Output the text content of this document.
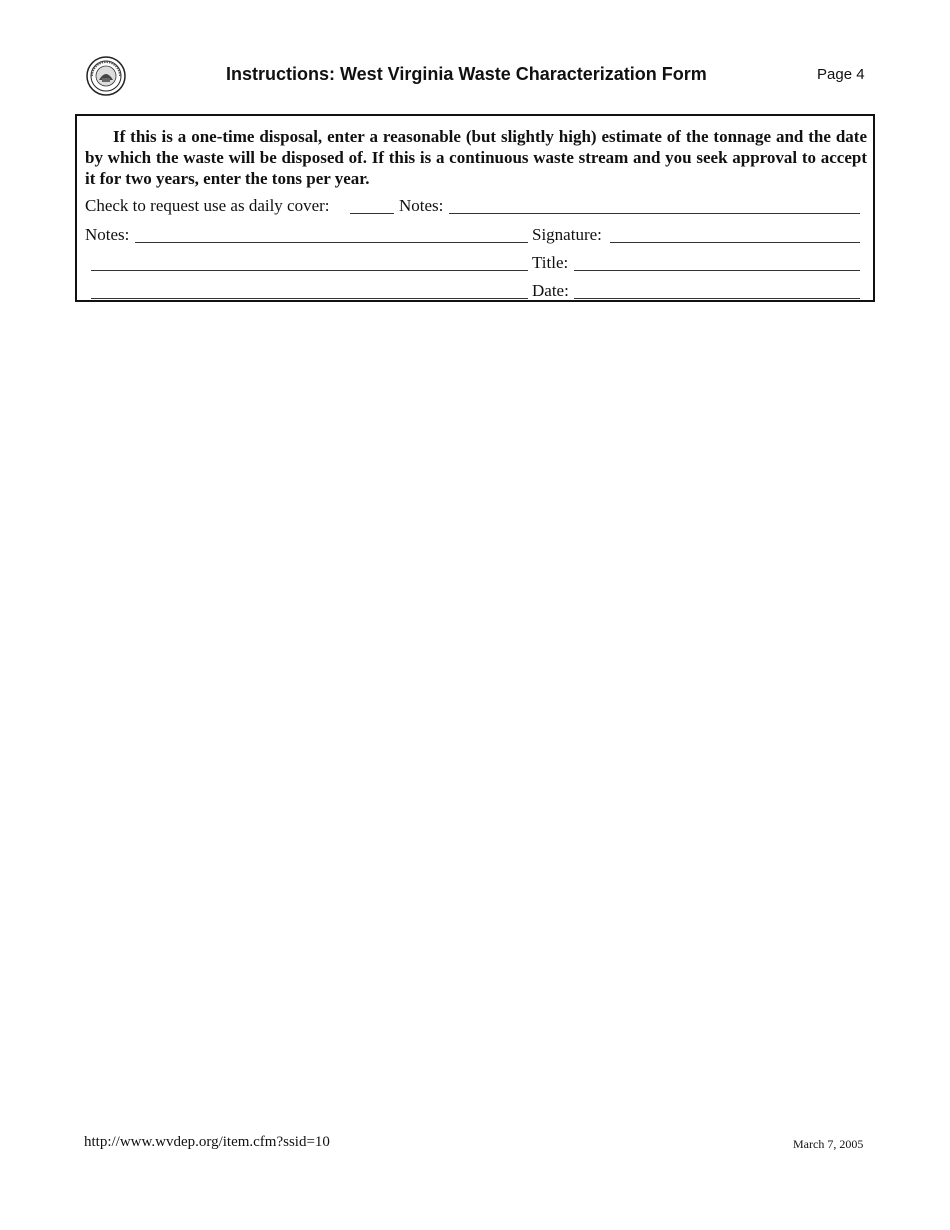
Instructions: West Virginia Waste Characterization Form	Page 4

If this is a one-time disposal, enter a reasonable (but slightly high) estimate of the tonnage and the date by which the waste will be disposed of. If this is a continuous waste stream and you seek approval to accept it for two years, enter the tons per year.

Check to request use as daily cover:	Notes:
Notes:	Signature:
Title:
Date:
http://www.wvdep.org/item.cfm?ssid=10	March 7, 2005
